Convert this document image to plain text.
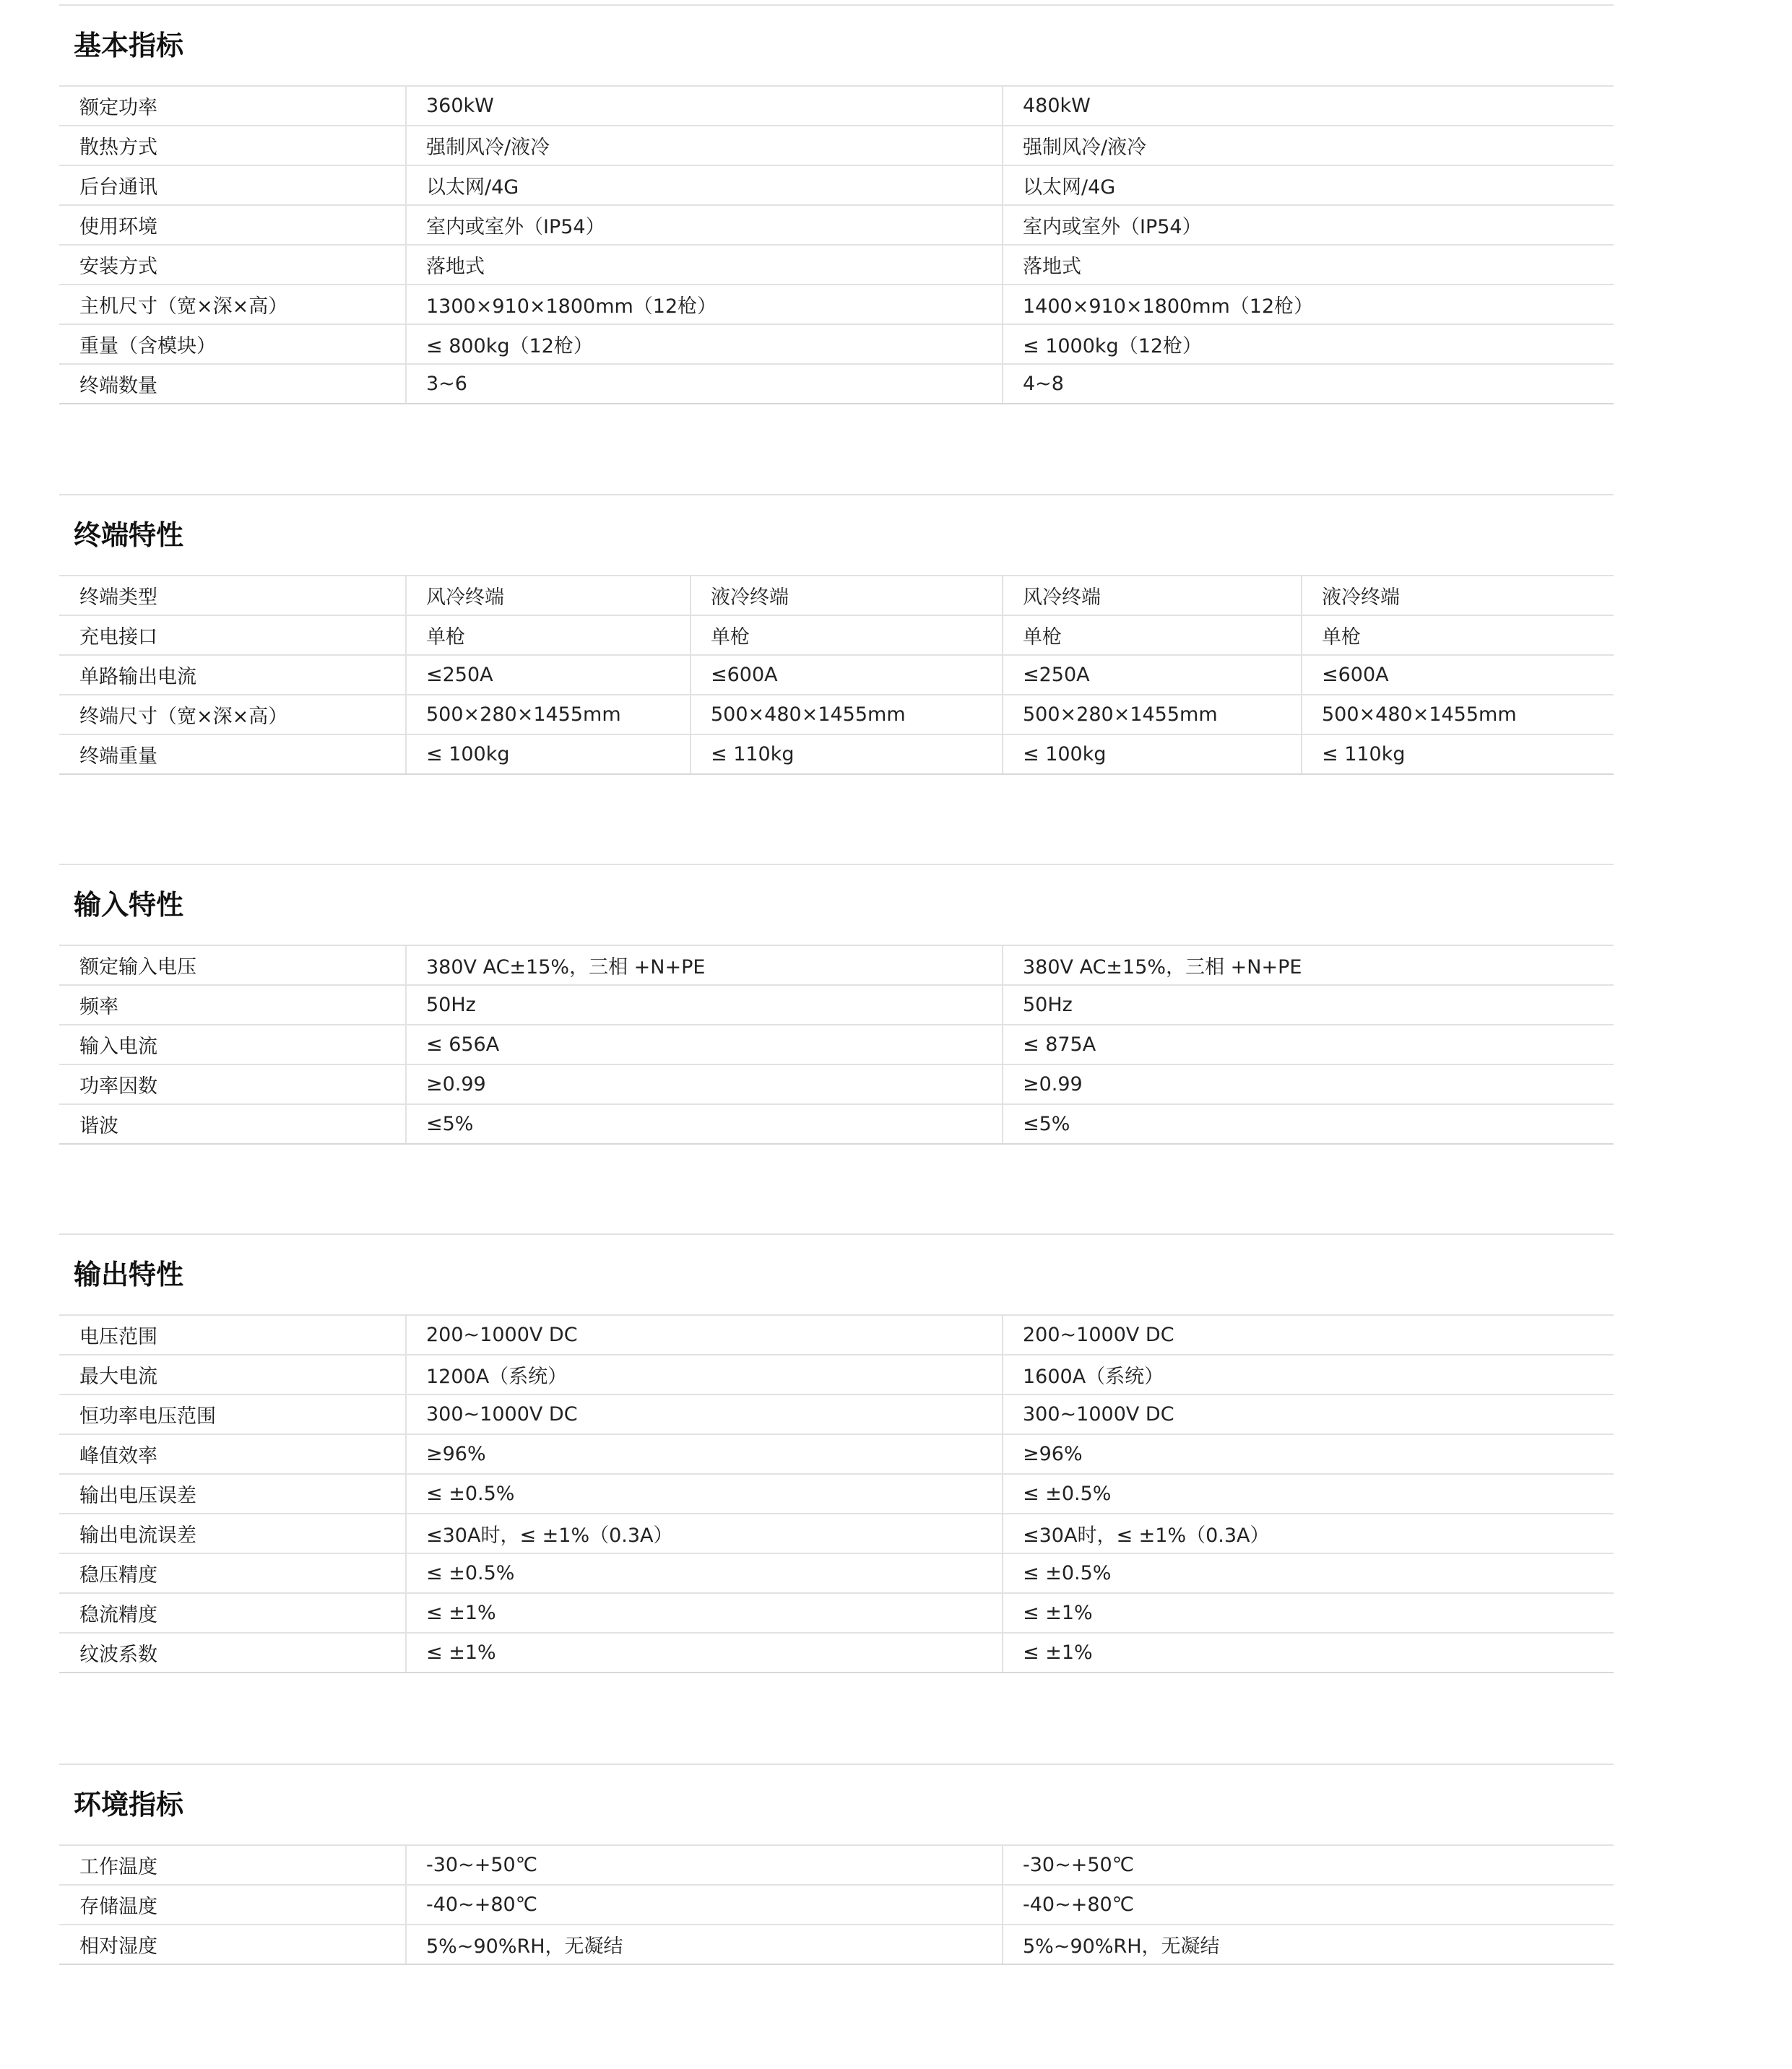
基本指标
额定功率	360kW	480kW
散热方式	强制风冷/液冷	强制风冷/液冷
后台通讯	以太网/4G	以太网/4G
使用环境	室内或室外（IP54）	室内或室外（IP54）
安装方式	落地式	落地式
主机尺寸（宽×深×高）	1300×910×1800mm（12枪）	1400×910×1800mm（12枪）
重量（含模块）	≤ 800kg（12枪）	≤ 1000kg（12枪）
终端数量	3~6	4~8
终端特性
终端类型	风冷终端	液冷终端	风冷终端	液冷终端
充电接口	单枪	单枪	单枪	单枪
单路输出电流	≤250A	≤600A	≤250A	≤600A
终端尺寸（宽×深×高）	500×280×1455mm	500×480×1455mm	500×280×1455mm	500×480×1455mm
终端重量	≤ 100kg	≤ 110kg	≤ 100kg	≤ 110kg
输入特性
额定输入电压	380V AC±15%，三相 +N+PE	380V AC±15%，三相 +N+PE
频率	50Hz	50Hz
输入电流	≤ 656A	≤ 875A
功率因数	≥0.99	≥0.99
谐波	≤5%	≤5%
输出特性
电压范围	200~1000V DC	200~1000V DC
最大电流	1200A（系统）	1600A（系统）
恒功率电压范围	300~1000V DC	300~1000V DC
峰值效率	≥96%	≥96%
输出电压误差	≤ ±0.5%	≤ ±0.5%
输出电流误差	≤30A时，≤ ±1%（0.3A）	≤30A时，≤ ±1%（0.3A）
稳压精度	≤ ±0.5%	≤ ±0.5%
稳流精度	≤ ±1%	≤ ±1%
纹波系数	≤ ±1%	≤ ±1%
环境指标
工作温度	-30~+50℃	-30~+50℃
存储温度	-40~+80℃	-40~+80℃
相对湿度	5%~90%RH，无凝结	5%~90%RH，无凝结
